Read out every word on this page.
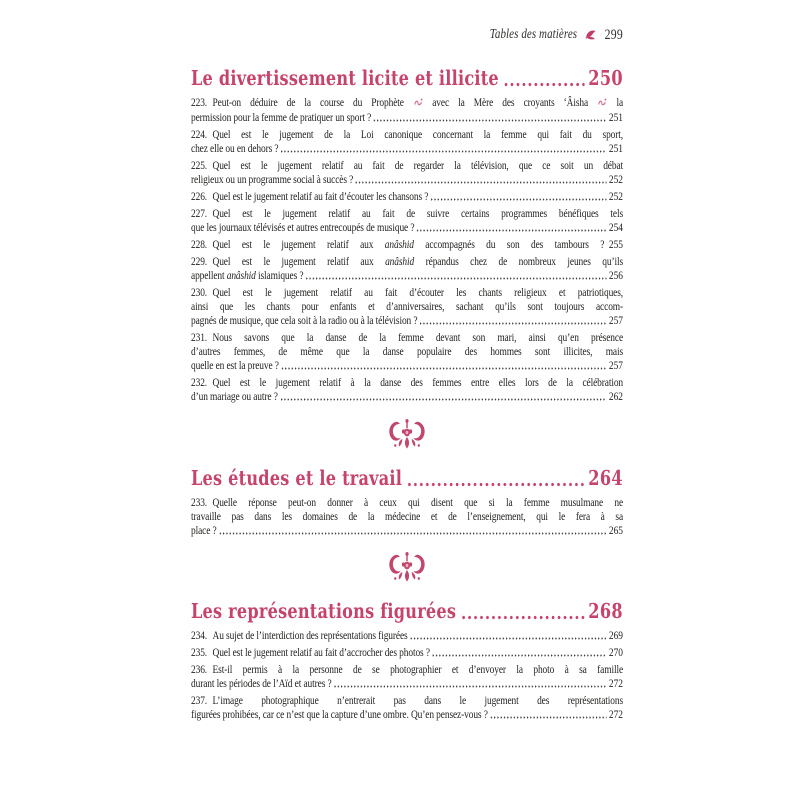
Tables des matières 299
Le divertissement licite et illicite	250
223. Peut-on déduire de la course du Prophète  avec la Mère des croyants ‘Âisha  la
permission pour la femme de pratiquer un sport ?	251
224. Quel est le jugement de la Loi canonique concernant la femme qui fait du sport,
chez elle ou en dehors ?	251
225. Quel est le jugement relatif au fait de regarder la télévision, que ce soit un débat
religieux ou un programme social à succès ?	252
226. Quel est le jugement relatif au fait d’écouter les chansons ?	252
227. Quel est le jugement relatif au fait de suivre certains programmes bénéfiques tels
que les journaux télévisés et autres entrecoupés de musique ?	254
228. Quel est le jugement relatif aux anâshid accompagnés du son des tambours ? 255
229. Quel est le jugement relatif aux anâshid répandus chez de nombreux jeunes qu’ils
appellent anâshid islamiques ?	256
230. Quel est le jugement relatif au fait d’écouter les chants religieux et patriotiques,
ainsi que les chants pour enfants et d’anniversaires, sachant qu’ils sont toujours accom-
pagnés de musique, que cela soit à la radio ou à la télévision ?	257
231. Nous savons que la danse de la femme devant son mari, ainsi qu’en présence
d’autres femmes, de même que la danse populaire des hommes sont illicites, mais
quelle en est la preuve ?	257
232. Quel est le jugement relatif à la danse des femmes entre elles lors de la célébration
d’un mariage ou autre ?	262
Les études et le travail	264
233. Quelle réponse peut-on donner à ceux qui disent que si la femme musulmane ne
travaille pas dans les domaines de la médecine et de l’enseignement, qui le fera à sa
place ?	265
Les représentations figurées	268
234. Au sujet de l’interdiction des représentations figurées	269
235. Quel est le jugement relatif au fait d’accrocher des photos ?	270
236. Est-il permis à la personne de se photographier et d’envoyer la photo à sa famille
durant les périodes de l’Aïd et autres ?	272
237. L’image photographique n’entrerait pas dans le jugement des représentations
figurées prohibées, car ce n’est que la capture d’une ombre. Qu’en pensez-vous ?	272
